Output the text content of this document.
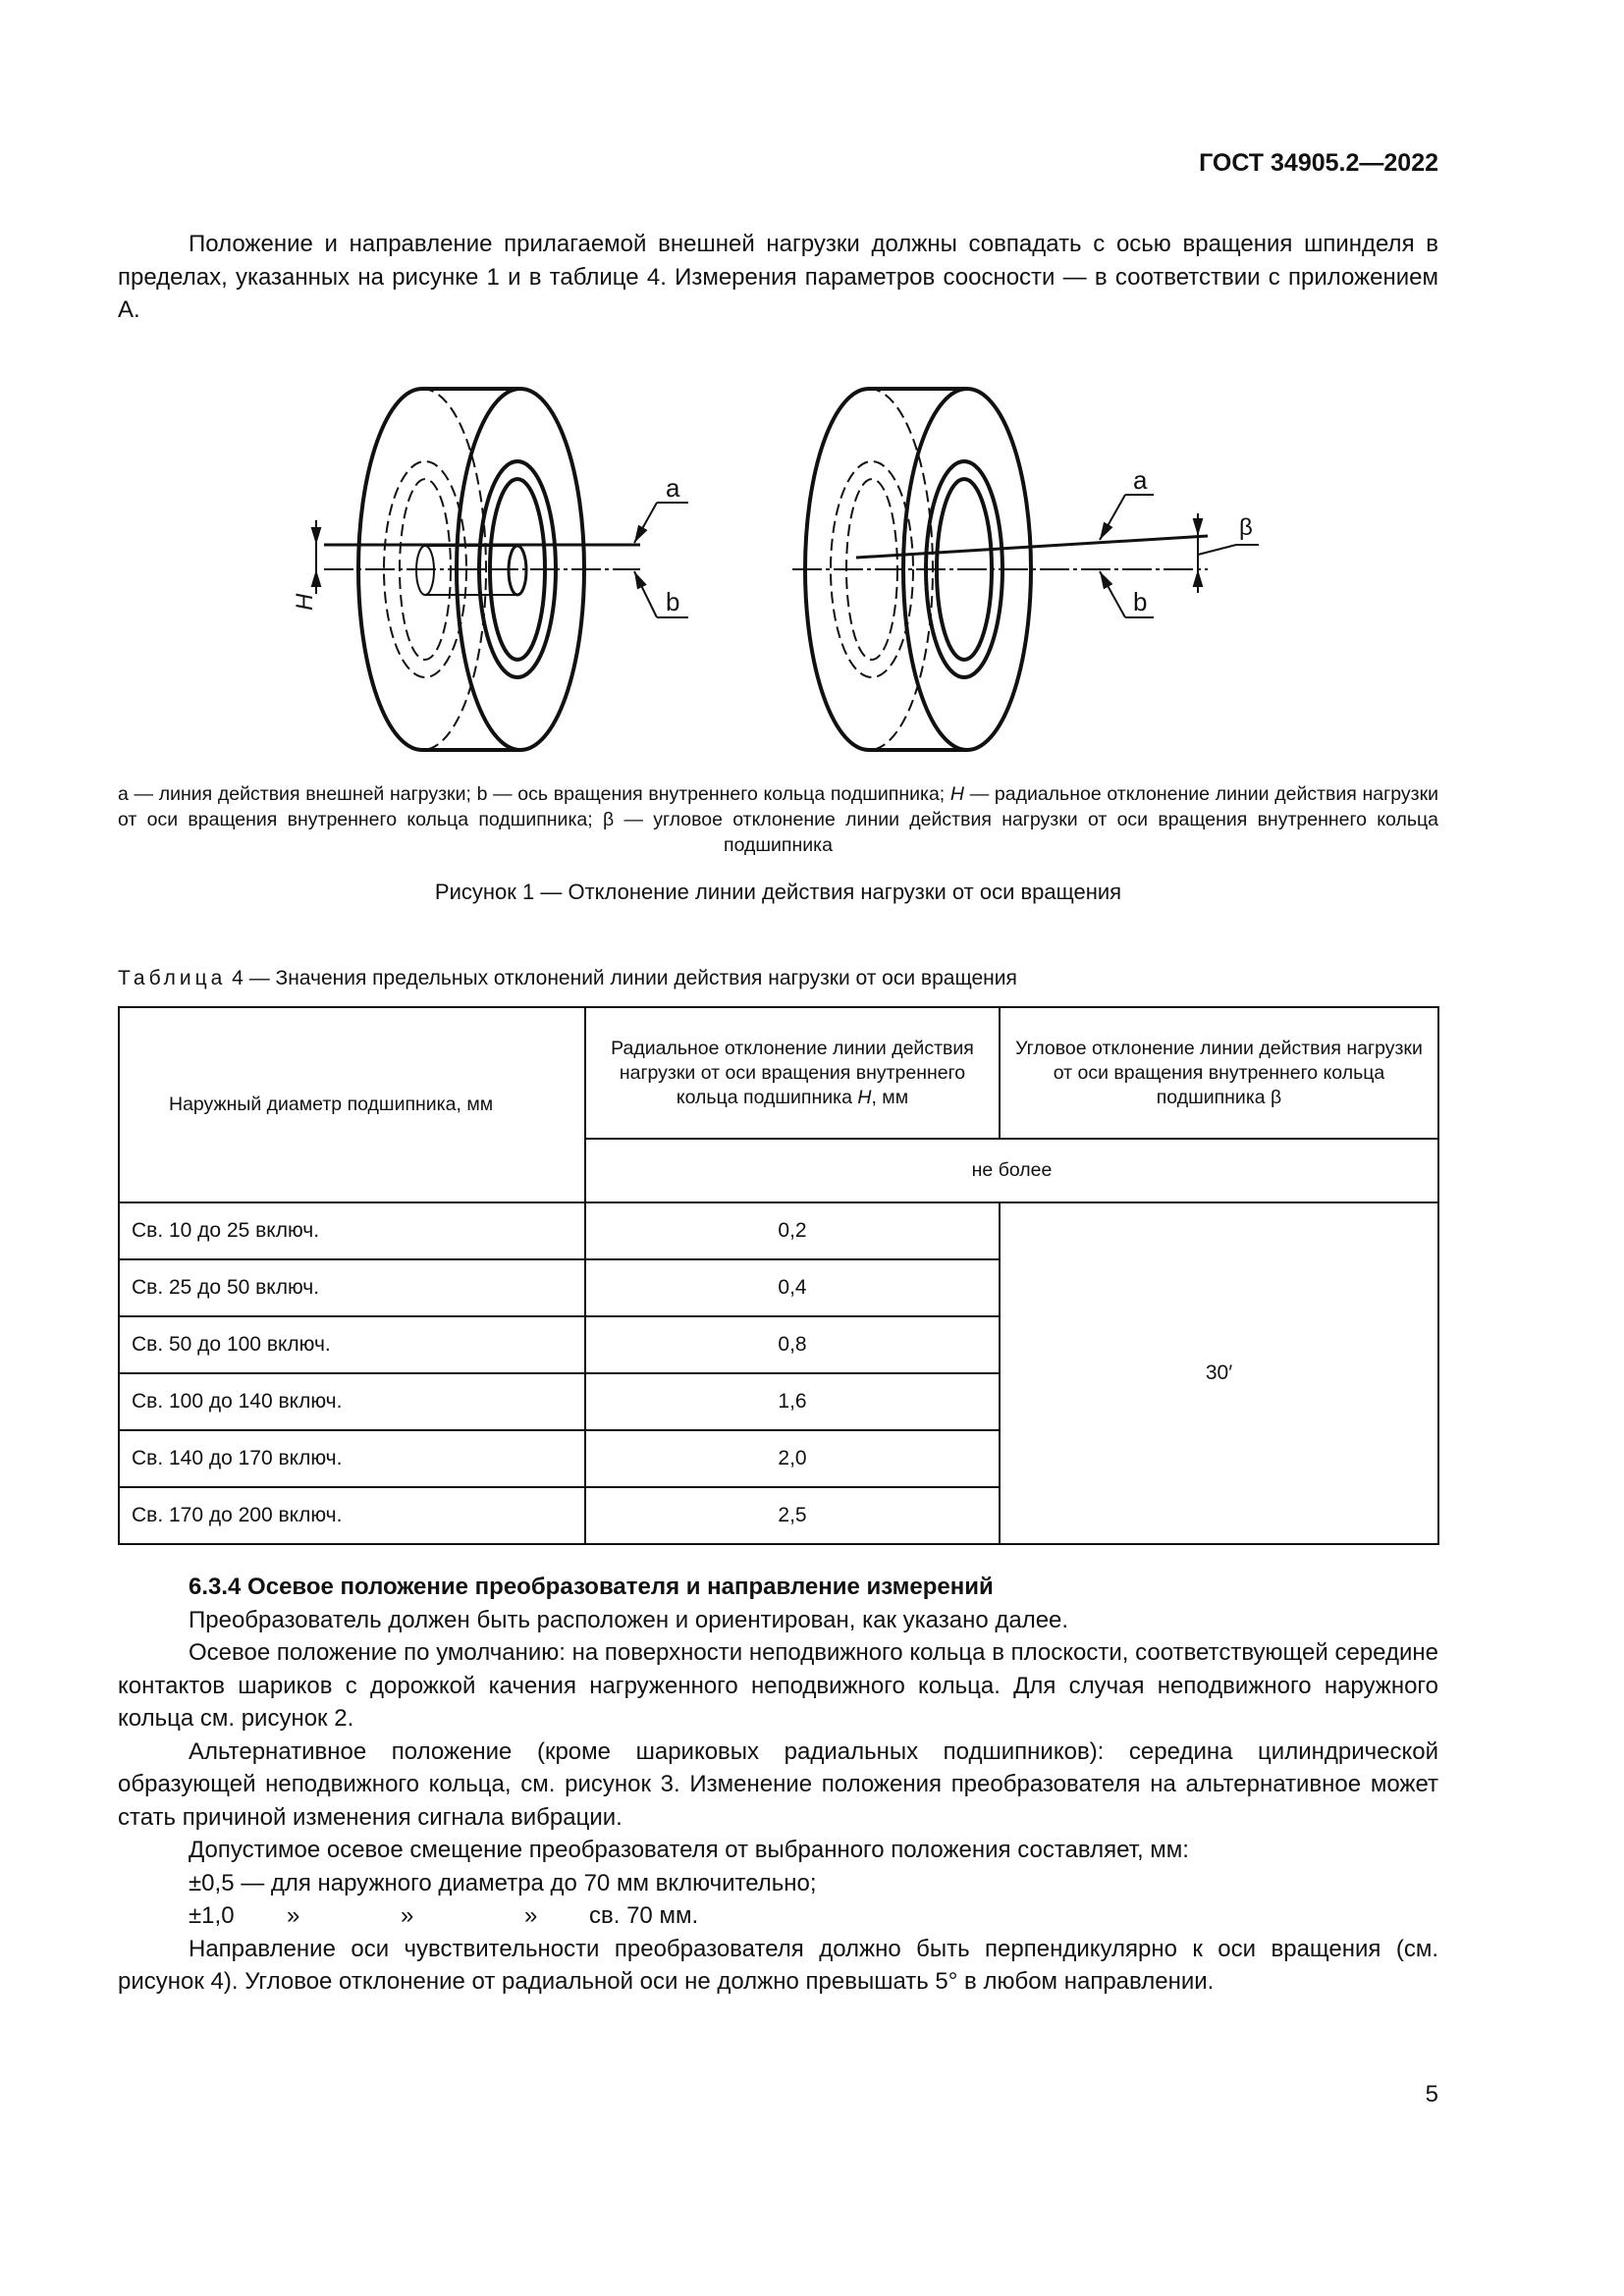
ГОСТ 34905.2—2022
Положение и направление прилагаемой внешней нагрузки должны совпадать с осью вращения шпинделя в пределах, указанных на рисунке 1 и в таблице 4. Измерения параметров соосности — в соответствии с приложением А.
a
b
a
b
β
H
a — линия действия внешней нагрузки; b — ось вращения внутреннего кольца подшипника; H — радиальное отклонение линии действия нагрузки от оси вращения внутреннего кольца подшипника; β — угловое отклонение линии действия нагрузки от оси вращения внутреннего кольца подшипника
Рисунок 1 — Отклонение линии действия нагрузки от оси вращения
Таблица 4 — Значения предельных отклонений линии действия нагрузки от оси вращения
Наружный диаметр подшипника, мм	Радиальное отклонение линии действия нагрузки от оси вращения внутреннего кольца подшипника H, мм	Угловое отклонение линии действия нагрузки от оси вращения внутреннего кольца подшипника β
	не более	
Св. 10 до 25 включ.	0,2	30′
Св. 25 до 50 включ.	0,4	
Св. 50 до 100 включ.	0,8	
Св. 100 до 140 включ.	1,6	
Св. 140 до 170 включ.	2,0	
Св. 170 до 200 включ.	2,5	
6.3.4 Осевое положение преобразователя и направление измерений
Преобразователь должен быть расположен и ориентирован, как указано далее.
Осевое положение по умолчанию: на поверхности неподвижного кольца в плоскости, соответствующей середине контактов шариков с дорожкой качения нагруженного неподвижного кольца. Для случая неподвижного наружного кольца см. рисунок 2.
Альтернативное положение (кроме шариковых радиальных подшипников): середина цилиндрической образующей неподвижного кольца, см. рисунок 3. Изменение положения преобразователя на альтернативное может стать причиной изменения сигнала вибрации.
Допустимое осевое смещение преобразователя от выбранного положения составляет, мм:
±0,5 — для наружного диаметра до 70 мм включительно;
±1,0	»	»	»	св. 70 мм.
Направление оси чувствительности преобразователя должно быть перпендикулярно к оси вращения (см. рисунок 4). Угловое отклонение от радиальной оси не должно превышать 5° в любом направлении.
5
